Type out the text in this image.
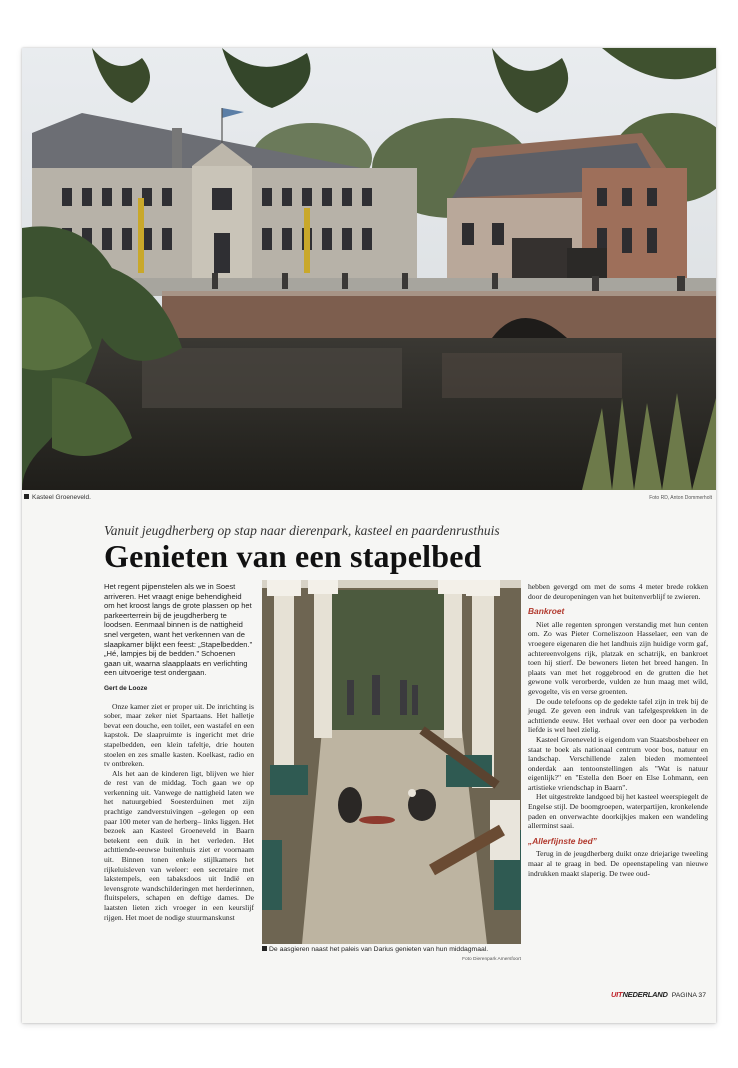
Kasteel Groeneveld.	Foto RD, Anton Dommerholt
Vanuit jeugdherberg op stap naar dierenpark, kasteel en paardenrusthuis
Genieten van een stapelbed

Het regent pijpenstelen als we in Soest arriveren. Het vraagt enige behendigheid om het kroost langs de grote plassen op het parkeerterrein bij de jeugdherberg te loodsen. Eenmaal binnen is de nattigheid snel vergeten, want het verkennen van de slaapkamer blijkt een feest: „Stapelbedden.” „Hé, lampjes bij de bedden.” Schoenen gaan uit, waarna slaapplaats en verlichting een uitvoerige test ondergaan.

Gert de Looze

Onze kamer ziet er proper uit. De inrichting is sober, maar zeker niet Spartaans. Het halletje bevat een douche, een toilet, een wastafel en een kapstok. De slaapruimte is ingericht met drie stapelbedden, een klein tafeltje, drie houten stoelen en zes smalle kasten. Koelkast, radio en tv ontbreken.

Als het aan de kinderen ligt, blijven we hier de rest van de middag. Toch gaan we op verkenning uit. Vanwege de nattigheid laten we het natuurgebied Soesterduinen met zijn prachtige zandverstuivingen –gelegen op een paar 100 meter van de herberg– links liggen. Het bezoek aan Kasteel Groeneveld in Baarn betekent een duik in het verleden. Het achttiende-eeuwse buitenhuis ziet er voornaam uit. Binnen tonen enkele stijlkamers het rijkeluisleven van weleer: een secretaire met lakstempels, een tabaksdoos uit Indië en levensgrote wandschilderingen met herderinnen, fluitspelers, schapen en deftige dames. De laatsten lieten zich vroeger in een keurslijf rijgen. Het moet de nodige stuurmanskunst

De aasgieren naast het paleis van Darius genieten van hun middagmaal.
Foto Dierenpark Amersfoort

hebben gevergd om met de soms 4 meter brede rokken door de deuropeningen van het buitenverblijf te zwieren.

Bankroet

Niet alle regenten sprongen verstandig met hun centen om. Zo was Pieter Corneliszoon Hasselaer, een van de vroegere eigenaren die het landhuis zijn huidige vorm gaf, achtereenvolgens rijk, platzak en schatrijk, en bankroet toen hij stierf. De bewoners lieten het breed hangen. In plaats van met het roggebrood en de grutten die het gewone volk verorberde, vulden ze hun maag met wild, gevogelte, vis en verse groenten.

De oude telefoons op de gedekte tafel zijn in trek bij de jeugd. Ze geven een indruk van tafelgesprekken in de achttiende eeuw. Het verhaal over een door pa verboden liefde is wel heel zielig.

Kasteel Groeneveld is eigendom van Staatsbosbeheer en staat te boek als nationaal centrum voor bos, natuur en landschap. Verschillende zalen bieden momenteel onderdak aan tentoonstellingen als "Wat is natuur eigenlijk?" en "Estella den Boer en Else Lohmann, een artistieke vriendschap in Baarn".

Het uitgestrekte landgoed bij het kasteel weerspiegelt de Engelse stijl. De boomgroepen, waterpartijen, kronkelende paden en onverwachte doorkijkjes maken een wandeling allerminst saai.

„Allerfijnste bed”

Terug in de jeugdherberg duikt onze driejarige tweeling maar al te graag in bed. De opeenstapeling van nieuwe indrukken maakt slaperig. De twee oud-

UITNEDERLAND PAGINA 37
